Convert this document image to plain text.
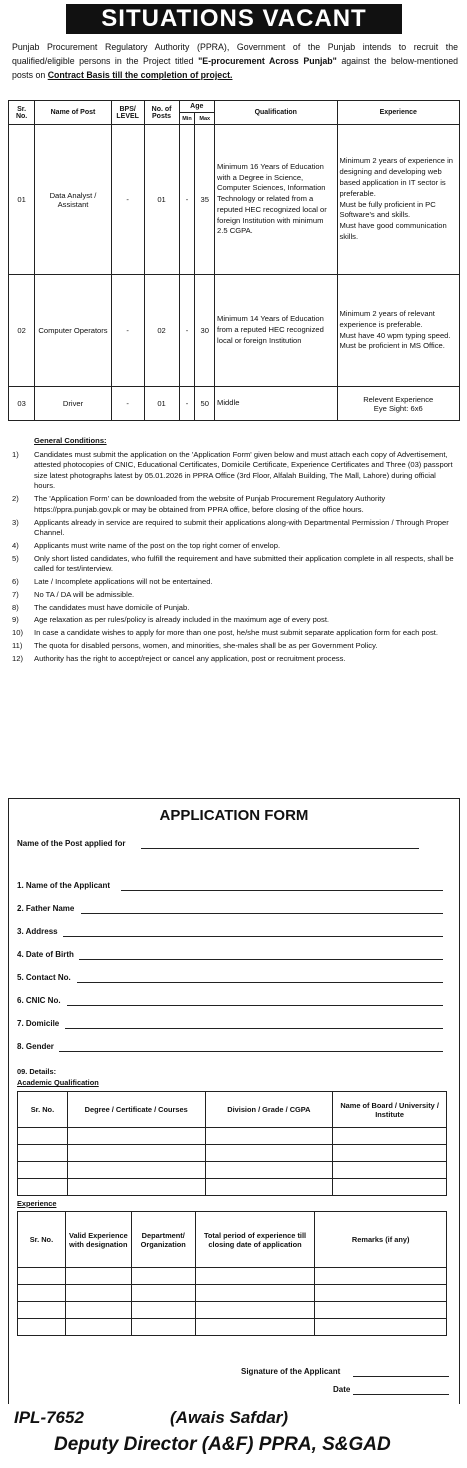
SITUATIONS VACANT
Punjab Procurement Regulatory Authority (PPRA), Government of the Punjab intends to recruit the qualified/eligible persons in the Project titled "E-procurement Across Punjab" against the below-mentioned posts on Contract Basis till the completion of project.
Sr. No.	Name of Post	BPS/ LEVEL	No. of Posts	Age		Qualification	Experience
				Min	Max		
01	Data Analyst / Assistant	-	01	-	35	Minimum 16 Years of Education with a Degree in Science, Computer Sciences, Information Technology or related from a reputed HEC recognized local or foreign Institution with minimum 2.5 CGPA.	Minimum 2 years of experience in designing and developing web based application in IT sector is preferable.
Must be fully proficient in PC Software's and skills.
Must have good communication skills.

02	Computer Operators	-	02	-	30	Minimum 14 Years of Education from a reputed HEC recognized local or foreign Institution	Minimum 2 years of relevant experience is preferable.
Must have 40 wpm typing speed.
Must be proficient in MS Office.

03	Driver	-	01	-	50	Middle	Relevent Experience
Eye Sight: 6x6
General Conditions:
1)	Candidates must submit the application on the 'Application Form' given below and must attach each copy of Advertisement, attested photocopies of CNIC, Educational Certificates, Domicile Certificate, Experience Certificates and Three (03) passport size latest photographs latest by 05.01.2026 in PPRA Office (3rd Floor, Alfalah Building, The Mall, Lahore) during official hours.
2)	The 'Application Form' can be downloaded from the website of Punjab Procurement Regulatory Authority https://ppra.punjab.gov.pk or may be obtained from PPRA office, before closing of the office hours.
3)	Applicants already in service are required to submit their applications along-with Departmental Permission / Through Proper Channel.
4)	Applicants must write name of the post on the top right corner of envelop.
5)	Only short listed candidates, who fulfill the requirement and have submitted their application complete in all respects, shall be called for test/interview.
6)	Late / Incomplete applications will not be entertained.
7)	No TA / DA will be admissible.
8)	The candidates must have domicile of Punjab.
9)	Age relaxation as per rules/policy is already included in the maximum age of every post.
10)	In case a candidate wishes to apply for more than one post, he/she must submit separate application form for each post.
11)	The quota for disabled persons, women, and minorities, she-males shall be as per Government Policy.
12)	Authority has the right to accept/reject or cancel any application, post or recruitment process.
APPLICATION FORM
Name of the Post applied for
1. Name of the Applicant
2. Father Name
3. Address
4. Date of Birth
5. Contact No.
6. CNIC No.
7. Domicile
8. Gender
09. Details:
Academic Qualification
Sr. No.	Degree / Certificate / Courses	Division / Grade / CGPA	Name of Board / University / Institute

Experience
Sr. No.	Valid Experience with designation	Department/ Organization	Total period of experience till closing date of application	Remarks (if any)

Signature of the Applicant
Date
IPL-7652	(Awais Safdar)
Deputy Director (A&F) PPRA, S&GAD
